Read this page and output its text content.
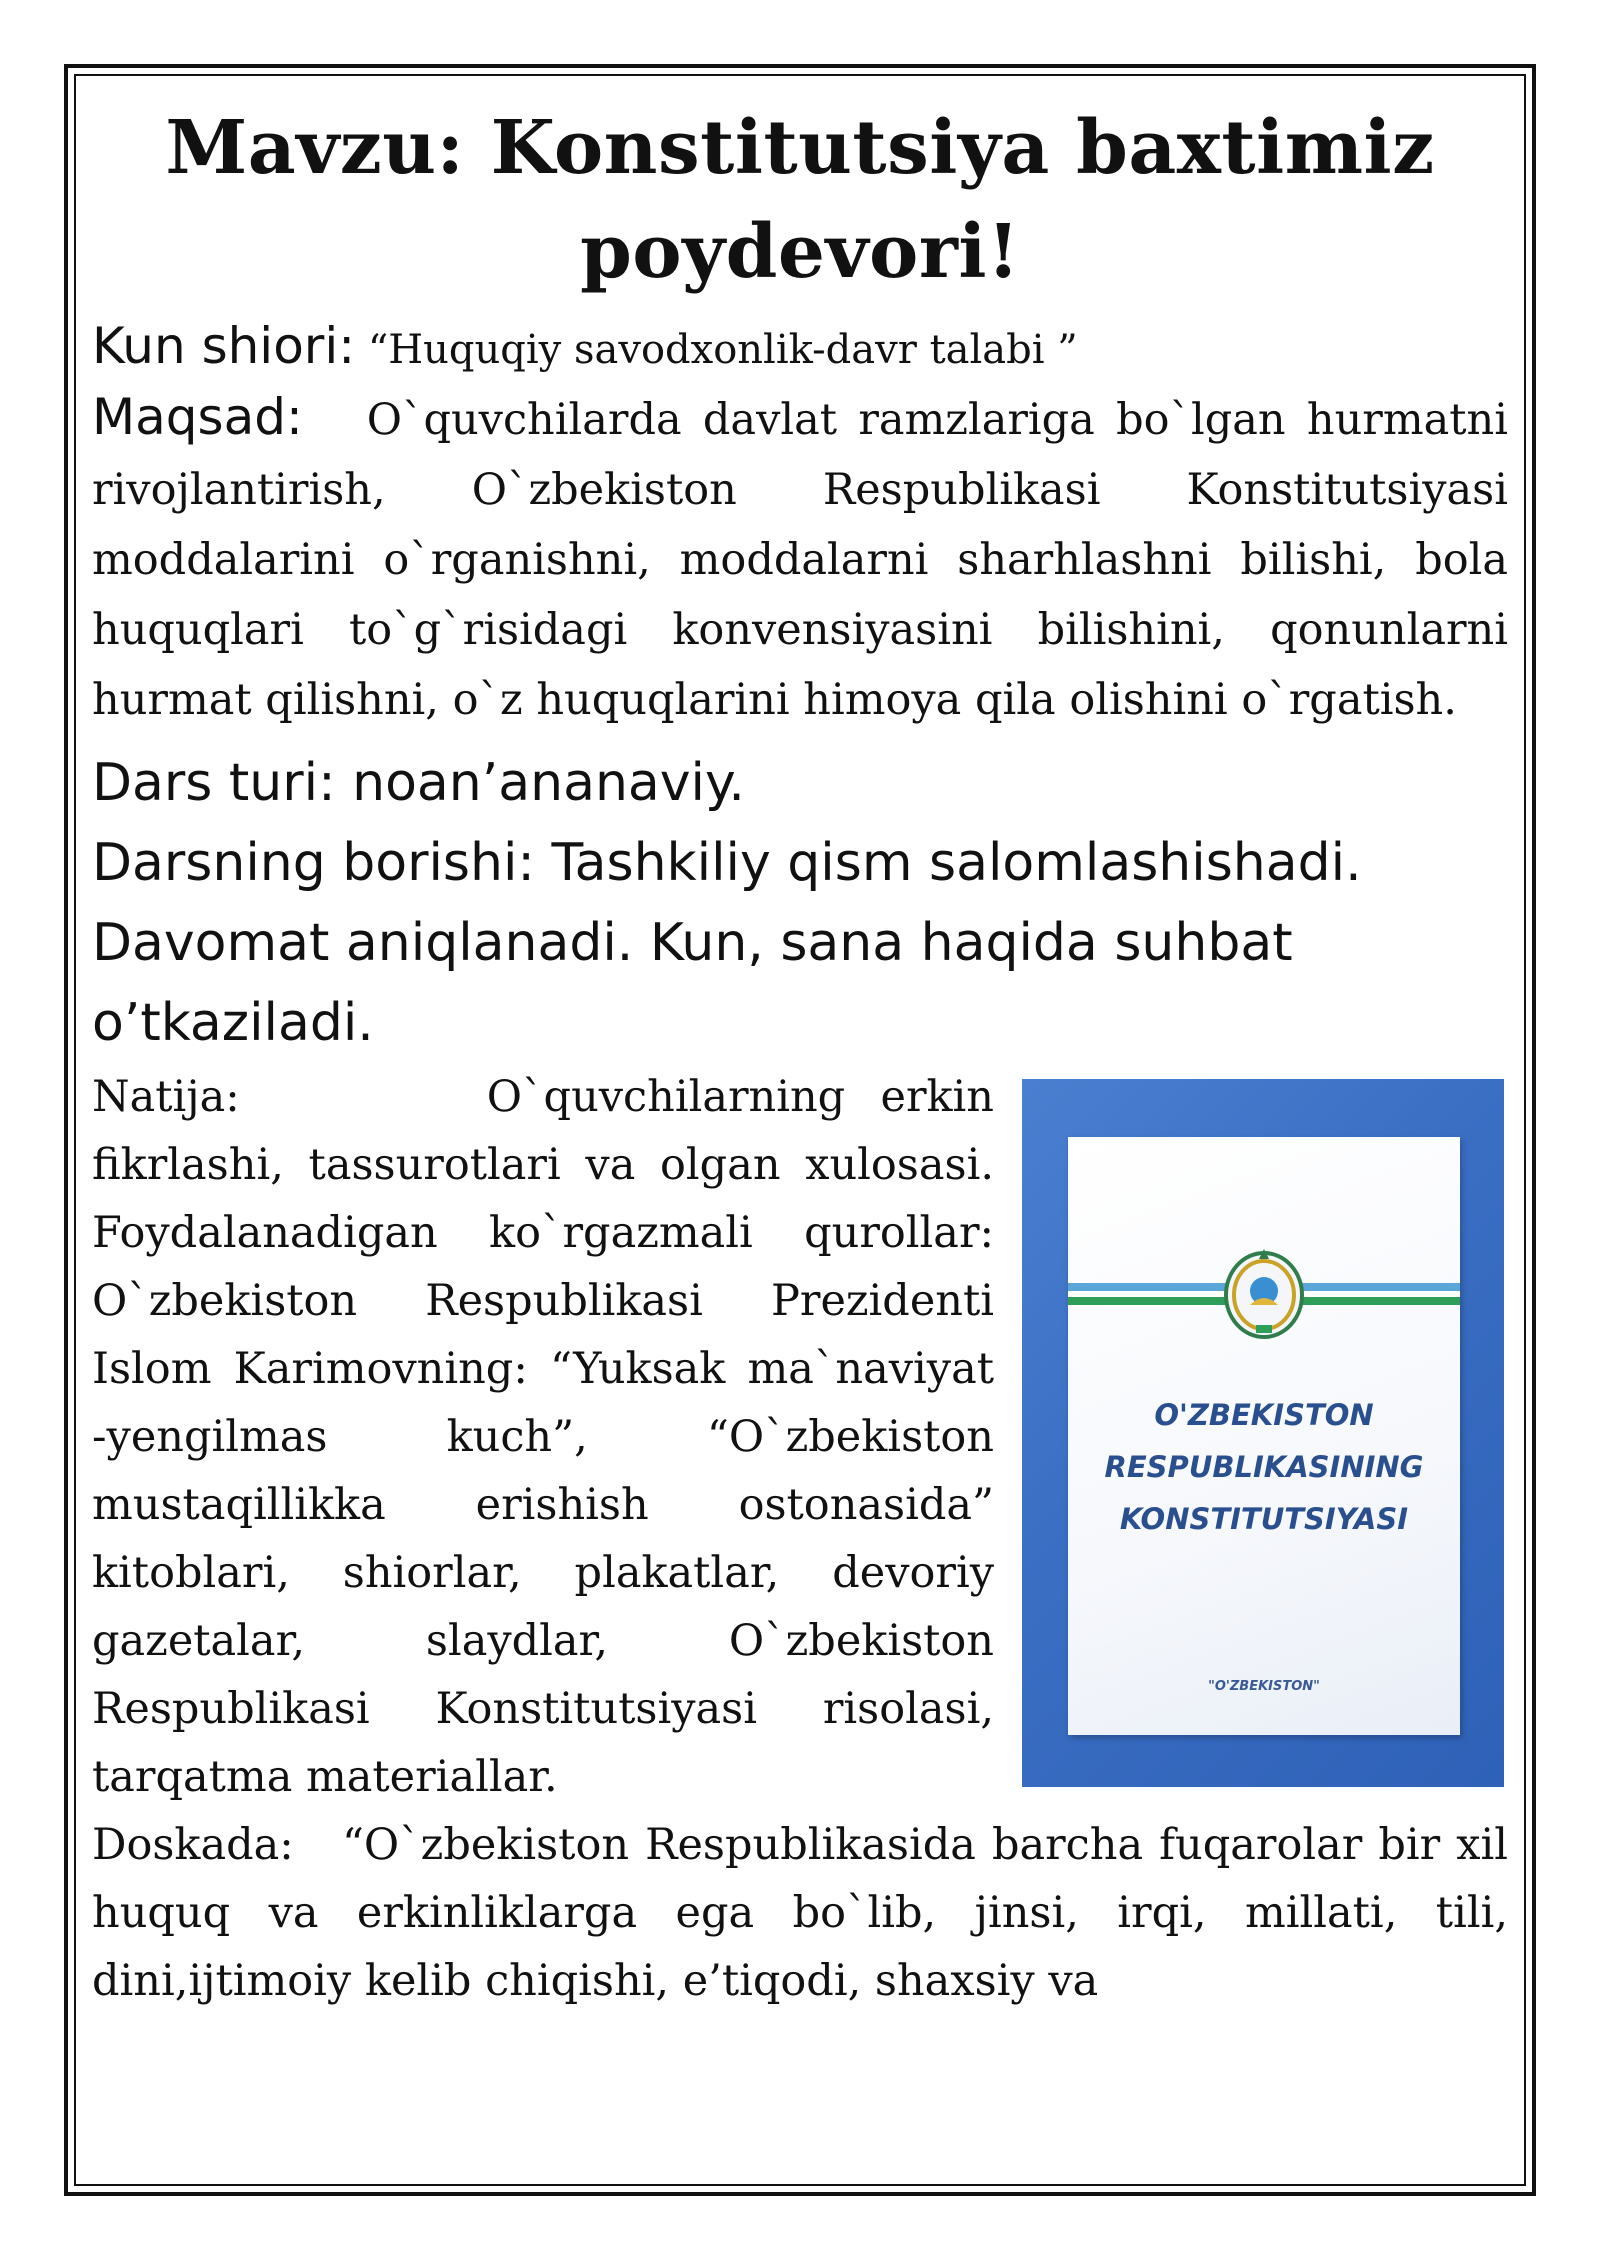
Mavzu: Konstitutsiya baxtimiz
poydevori!
Kun shiori: “Huquqiy savodxonlik-davr talabi ”

Maqsad: O`quvchilarda davlat ramzlariga bo`lgan hurmatni rivojlantirish, O`zbekiston Respublikasi Konstitutsiyasi moddalarini o`rganishni, moddalarni sharhlashni bilishi, bola huquqlari to`g`risidagi konvensiyasini bilishini, qonunlarni hurmat qilishni, o`z huquqlarini himoya qila olishini o`rgatish.

Dars turi: noan’ananaviy.

Darsning borishi: Tashkiliy qism salomlashishadi.

Davomat aniqlanadi. Kun, sana haqida suhbat

o’tkaziladi.

Natija:	O`quvchilarning erkin fikrlashi, tassurotlari va olgan xulosasi. Foydalanadigan ko`rgazmali qurollar: O`zbekiston Respublikasi Prezidenti Islom Karimovning: “Yuksak ma`naviyat -yengilmas kuch”, “O`zbekiston mustaqillikka erishish ostonasida” kitoblari, shiorlar, plakatlar, devoriy gazetalar, slaydlar, O`zbekiston Respublikasi Konstitutsiyasi risolasi, tarqatma materiallar.

O'ZBEKISTON
RESPUBLIKASINING
KONSTITUTSIYASI
"O'ZBEKISTON"

Doskada: “O`zbekiston Respublikasida barcha fuqarolar bir xil huquq va erkinliklarga ega bo`lib, jinsi, irqi, millati, tili, dini,ijtimoiy kelib chiqishi, e’tiqodi, shaxsiy va
